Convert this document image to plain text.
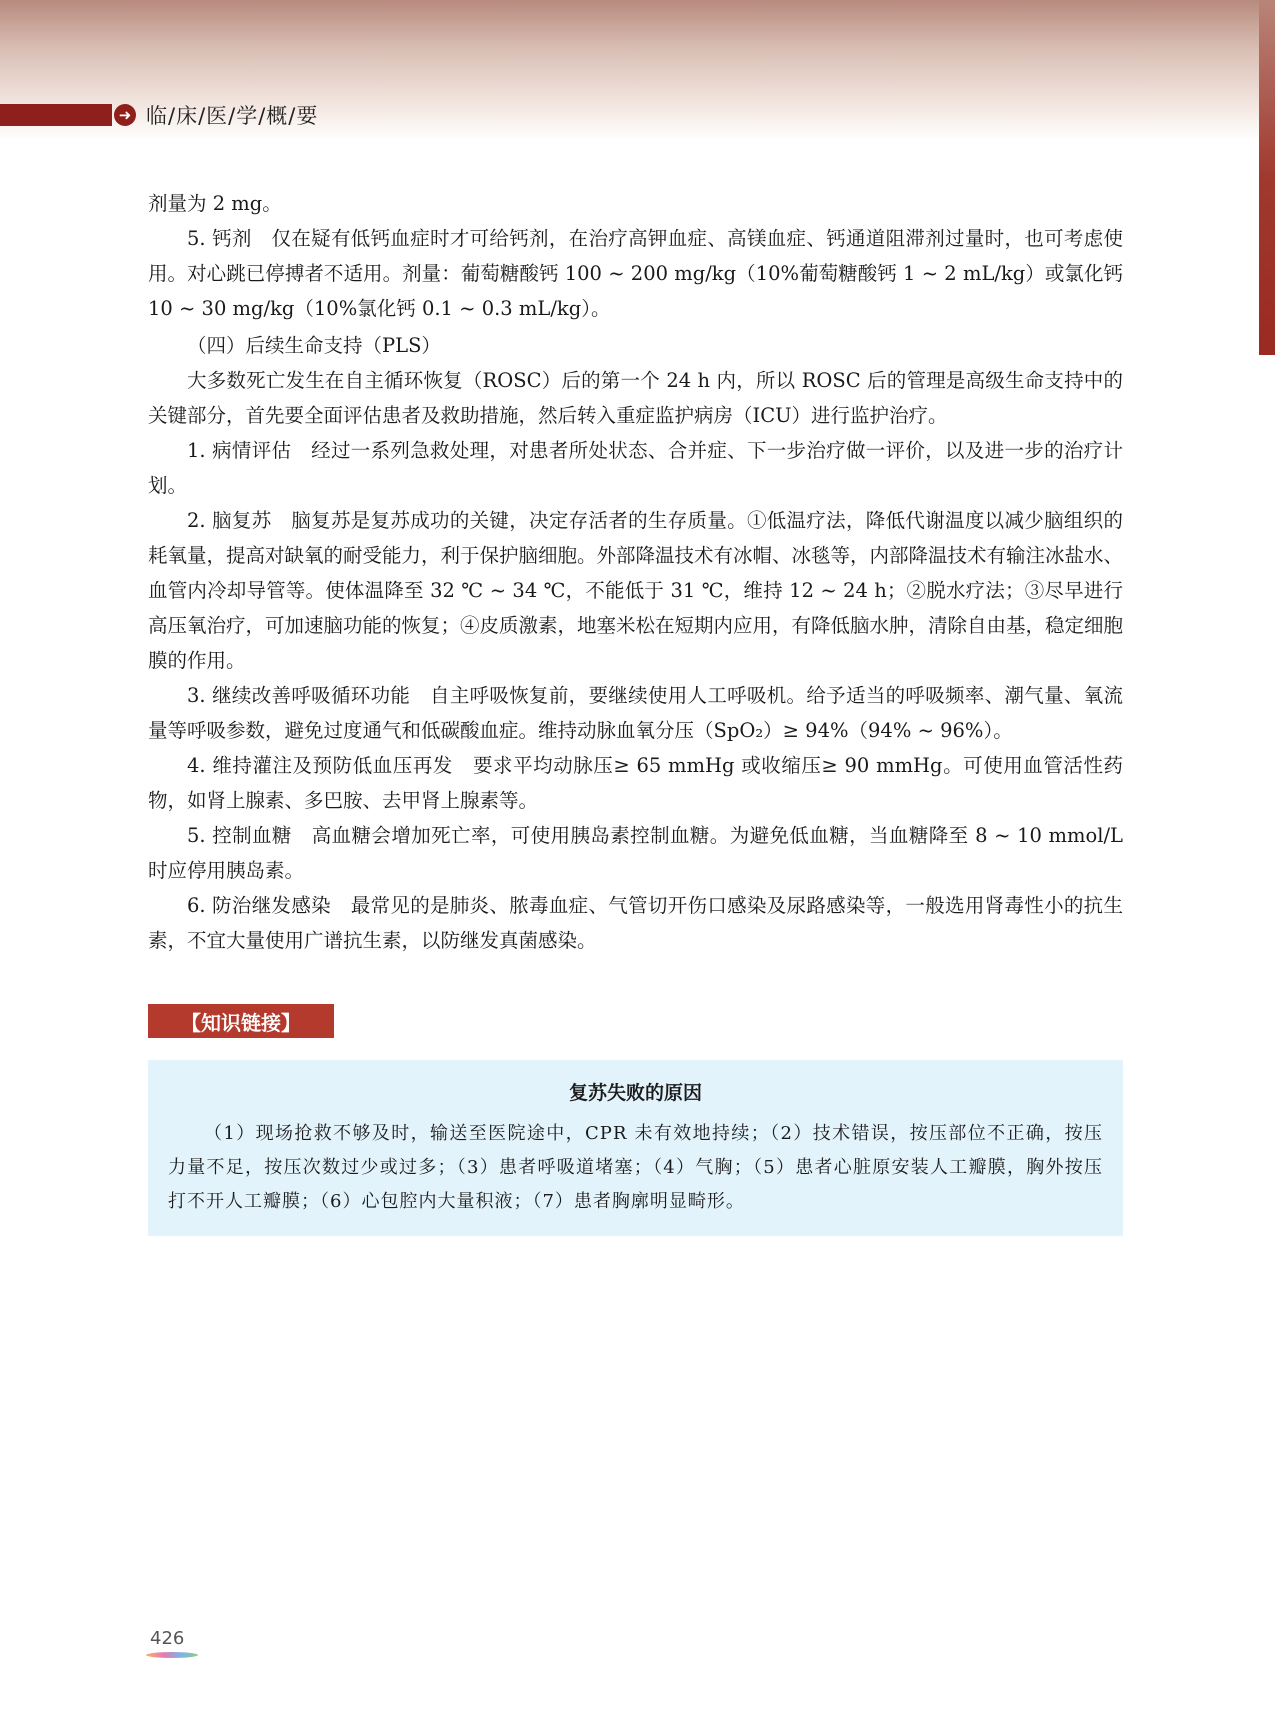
➜ 临/床/医/学/概/要

剂量为 2 mg。

5. 钙剂　仅在疑有低钙血症时才可给钙剂，在治疗高钾血症、高镁血症、钙通道阻滞剂过量时，也可考虑使用。对心跳已停搏者不适用。剂量：葡萄糖酸钙 100 ~ 200 mg/kg（10%葡萄糖酸钙 1 ~ 2 mL/kg）或氯化钙 10 ~ 30 mg/kg（10%氯化钙 0.1 ~ 0.3 mL/kg）。

（四）后续生命支持（PLS）

大多数死亡发生在自主循环恢复（ROSC）后的第一个 24 h 内，所以 ROSC 后的管理是高级生命支持中的关键部分，首先要全面评估患者及救助措施，然后转入重症监护病房（ICU）进行监护治疗。

1. 病情评估　经过一系列急救处理，对患者所处状态、合并症、下一步治疗做一评价，以及进一步的治疗计划。

2. 脑复苏　脑复苏是复苏成功的关键，决定存活者的生存质量。①低温疗法，降低代谢温度以减少脑组织的耗氧量，提高对缺氧的耐受能力，利于保护脑细胞。外部降温技术有冰帽、冰毯等，内部降温技术有输注冰盐水、血管内冷却导管等。使体温降至 32 ℃ ~ 34 ℃，不能低于 31 ℃，维持 12 ~ 24 h；②脱水疗法；③尽早进行高压氧治疗，可加速脑功能的恢复；④皮质激素，地塞米松在短期内应用，有降低脑水肿，清除自由基，稳定细胞膜的作用。

3. 继续改善呼吸循环功能　自主呼吸恢复前，要继续使用人工呼吸机。给予适当的呼吸频率、潮气量、氧流量等呼吸参数，避免过度通气和低碳酸血症。维持动脉血氧分压（SpO₂）≥ 94%（94% ~ 96%）。

4. 维持灌注及预防低血压再发　要求平均动脉压≥ 65 mmHg 或收缩压≥ 90 mmHg。可使用血管活性药物，如肾上腺素、多巴胺、去甲肾上腺素等。

5. 控制血糖　高血糖会增加死亡率，可使用胰岛素控制血糖。为避免低血糖，当血糖降至 8 ~ 10 mmol/L 时应停用胰岛素。

6. 防治继发感染　最常见的是肺炎、脓毒血症、气管切开伤口感染及尿路感染等，一般选用肾毒性小的抗生素，不宜大量使用广谱抗生素，以防继发真菌感染。

【知识链接】

复苏失败的原因

（1）现场抢救不够及时，输送至医院途中，CPR 未有效地持续；（2）技术错误，按压部位不正确，按压力量不足，按压次数过少或过多；（3）患者呼吸道堵塞；（4）气胸；（5）患者心脏原安装人工瓣膜，胸外按压打不开人工瓣膜；（6）心包腔内大量积液；（7）患者胸廓明显畸形。

426
